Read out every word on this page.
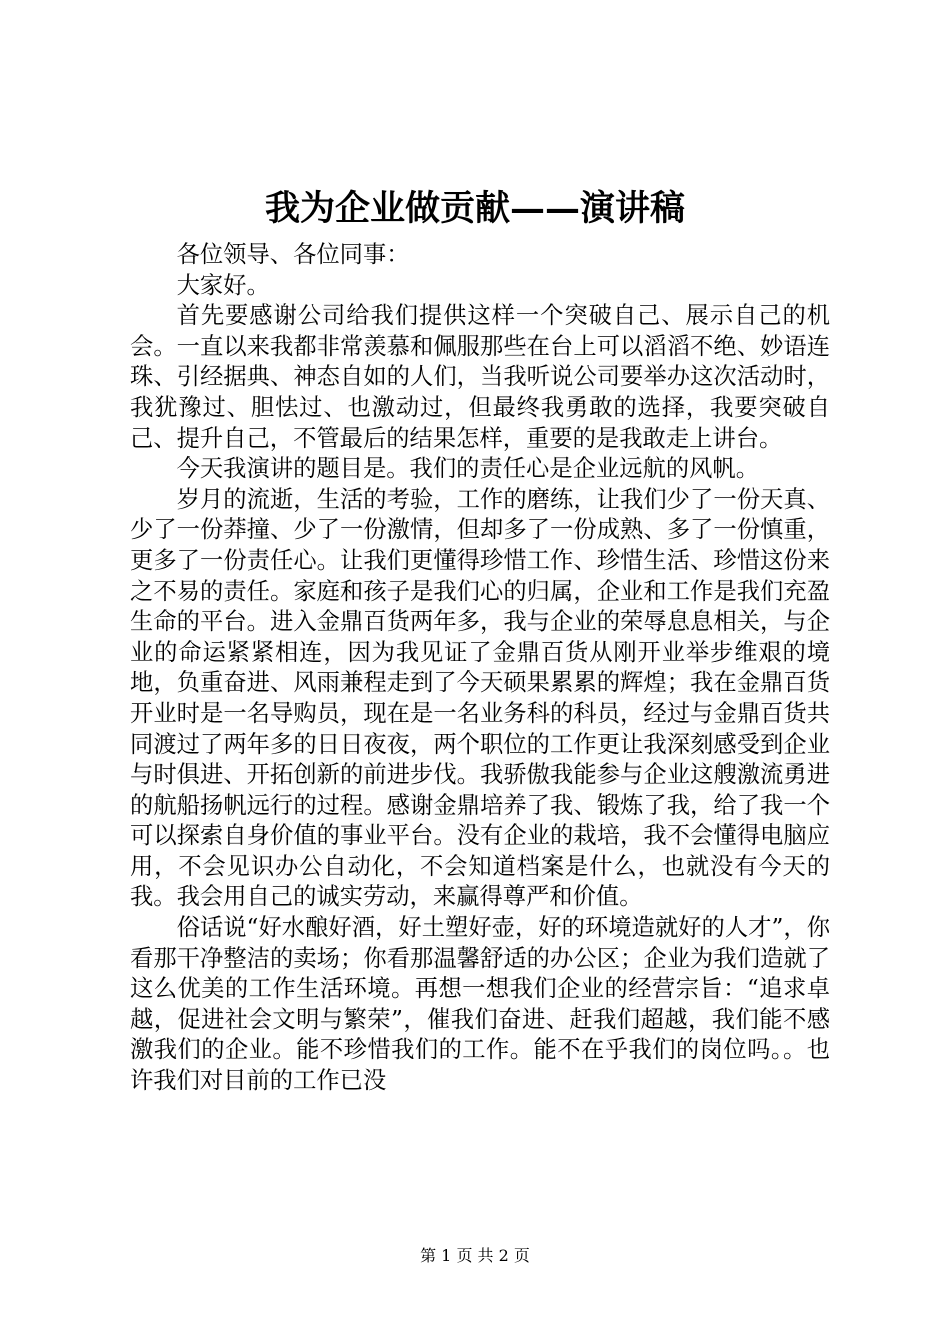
我为企业做贡献——演讲稿

各位领导、各位同事：

大家好。

首先要感谢公司给我们提供这样一个突破自己、展示自己的机会。一直以来我都非常羡慕和佩服那些在台上可以滔滔不绝、妙语连珠、引经据典、神态自如的人们，当我听说公司要举办这次活动时，我犹豫过、胆怯过、也激动过，但最终我勇敢的选择，我要突破自己、提升自己，不管最后的结果怎样，重要的是我敢走上讲台。

今天我演讲的题目是。我们的责任心是企业远航的风帆。

岁月的流逝，生活的考验，工作的磨练，让我们少了一份天真、少了一份莽撞、少了一份激情，但却多了一份成熟、多了一份慎重，更多了一份责任心。让我们更懂得珍惜工作、珍惜生活、珍惜这份来之不易的责任。家庭和孩子是我们心的归属，企业和工作是我们充盈生命的平台。进入金鼎百货两年多，我与企业的荣辱息息相关，与企业的命运紧紧相连，因为我见证了金鼎百货从刚开业举步维艰的境地，负重奋进、风雨兼程走到了今天硕果累累的辉煌；我在金鼎百货开业时是一名导购员，现在是一名业务科的科员，经过与金鼎百货共同渡过了两年多的日日夜夜，两个职位的工作更让我深刻感受到企业与时俱进、开拓创新的前进步伐。我骄傲我能参与企业这艘激流勇进的航船扬帆远行的过程。感谢金鼎培养了我、锻炼了我，给了我一个可以探索自身价值的事业平台。没有企业的栽培，我不会懂得电脑应用，不会见识办公自动化，不会知道档案是什么，也就没有今天的我。我会用自己的诚实劳动，来赢得尊严和价值。

俗话说“好水酿好酒，好土塑好壶，好的环境造就好的人才”，你看那干净整洁的卖场；你看那温馨舒适的办公区；企业为我们造就了这么优美的工作生活环境。再想一想我们企业的经营宗旨：“追求卓越，促进社会文明与繁荣”，催我们奋进、赶我们超越，我们能不感激我们的企业。能不珍惜我们的工作。能不在乎我们的岗位吗。。也许我们对目前的工作已没

第 1 页 共 2 页
